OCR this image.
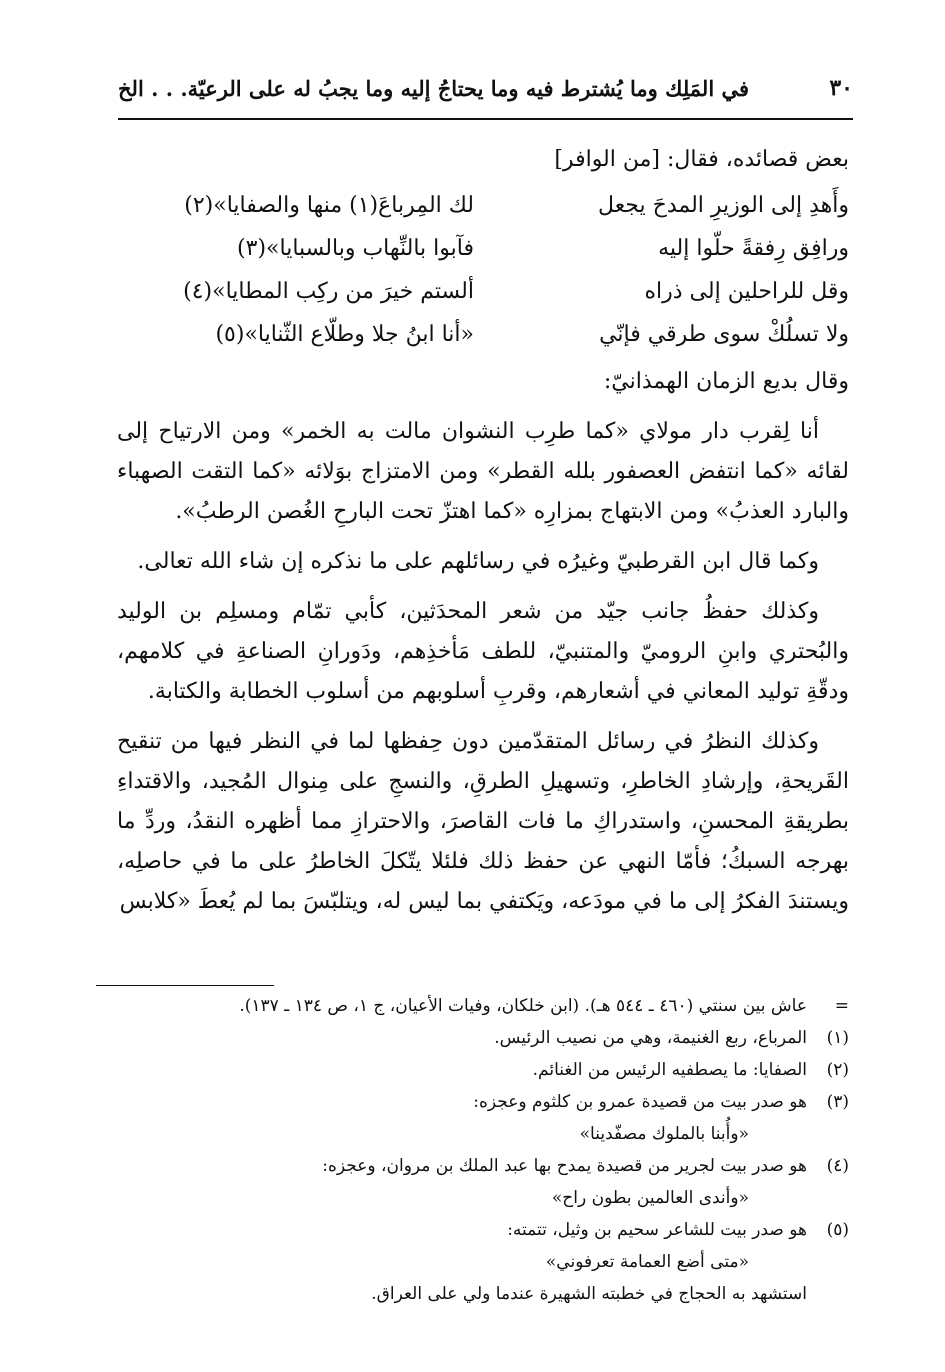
٣٠
في المَلِك وما يُشترط فيه وما يحتاجُ إليه وما يجبُ له على الرعيّة. . . الخ

بعض قصائده، فقال: [من الوافر]

وأَهدِ إلى الوزيرِ المدحَ يجعل
لك المِرباعَ(١) منها والصفايا»(٢)
ورافِق رِفقةً حلّوا إليه
فآبوا بالنِّهاب وبالسبايا»(٣)
وقل للراحلين إلى ذراه
ألستم خيرَ من ركِب المطايا»(٤)
ولا تسلُكْ سوى طرقي فإنّي
«أنا ابنُ جلا وطلّاع الثّنايا»(٥)

وقال بديع الزمان الهمذانيّ:

أنا لِقرب دار مولاي «كما طرِب النشوان مالت به الخمر» ومن الارتياح إلى لقائه «كما انتفض العصفور بلله القطر» ومن الامتزاج بوَلائه «كما التقت الصهباء والبارد العذبُ» ومن الابتهاج بمزارِه «كما اهتزّ تحت البارحِ الغُصن الرطبُ».

وكما قال ابن القرطبيّ وغيرُه في رسائلهم على ما نذكره إن شاء الله تعالى.

وكذلك حفظُ جانب جيّد من شعر المحدَثين، كأبي تمّام ومسلِم بن الوليد والبُحتري وابنِ الروميّ والمتنبيّ، للطف مَأخذِهم، ودَورانِ الصناعةِ في كلامهم، ودقّةِ توليد المعاني في أشعارهم، وقربِ أسلوبهم من أسلوب الخطابة والكتابة.

وكذلك النظرُ في رسائل المتقدّمين دون حِفظها لما في النظر فيها من تنقيح القَريحةِ، وإرشادِ الخاطرِ، وتسهيلِ الطرقِ، والنسجِ على مِنوال المُجيد، والاقتداءِ بطريقةِ المحسنِ، واستدراكِ ما فات القاصرَ، والاحترازِ مما أظهره النقدُ، وردِّ ما بهرجه السبكُ؛ فأمّا النهي عن حفظ ذلك فلئلا يتّكلَ الخاطرُ على ما في حاصلِه، ويستندَ الفكرُ إلى ما في مودَعه، ويَكتفي بما ليس له، ويتلبّسَ بما لم يُعطَ «كلابس

=
عاش بين سنتي (٤٦٠ ـ ٥٤٤ هـ). (ابن خلكان، وفيات الأعيان، ج ١، ص ١٣٤ ـ ١٣٧).
(١)
المرباع، ربع الغنيمة، وهي من نصيب الرئيس.
(٢)
الصفايا: ما يصطفيه الرئيس من الغنائم.
(٣)
هو صدر بيت من قصيدة عمرو بن كلثوم وعجزه:
«وأُبنا بالملوك مصفّدينا»
(٤)
هو صدر بيت لجرير من قصيدة يمدح بها عبد الملك بن مروان، وعجزه:
«وأندى العالمين بطون راح»
(٥)
هو صدر بيت للشاعر سحيم بن وثيل، تتمته:
«متى أضع العمامة تعرفوني»
استشهد به الحجاج في خطبته الشهيرة عندما ولي على العراق.
